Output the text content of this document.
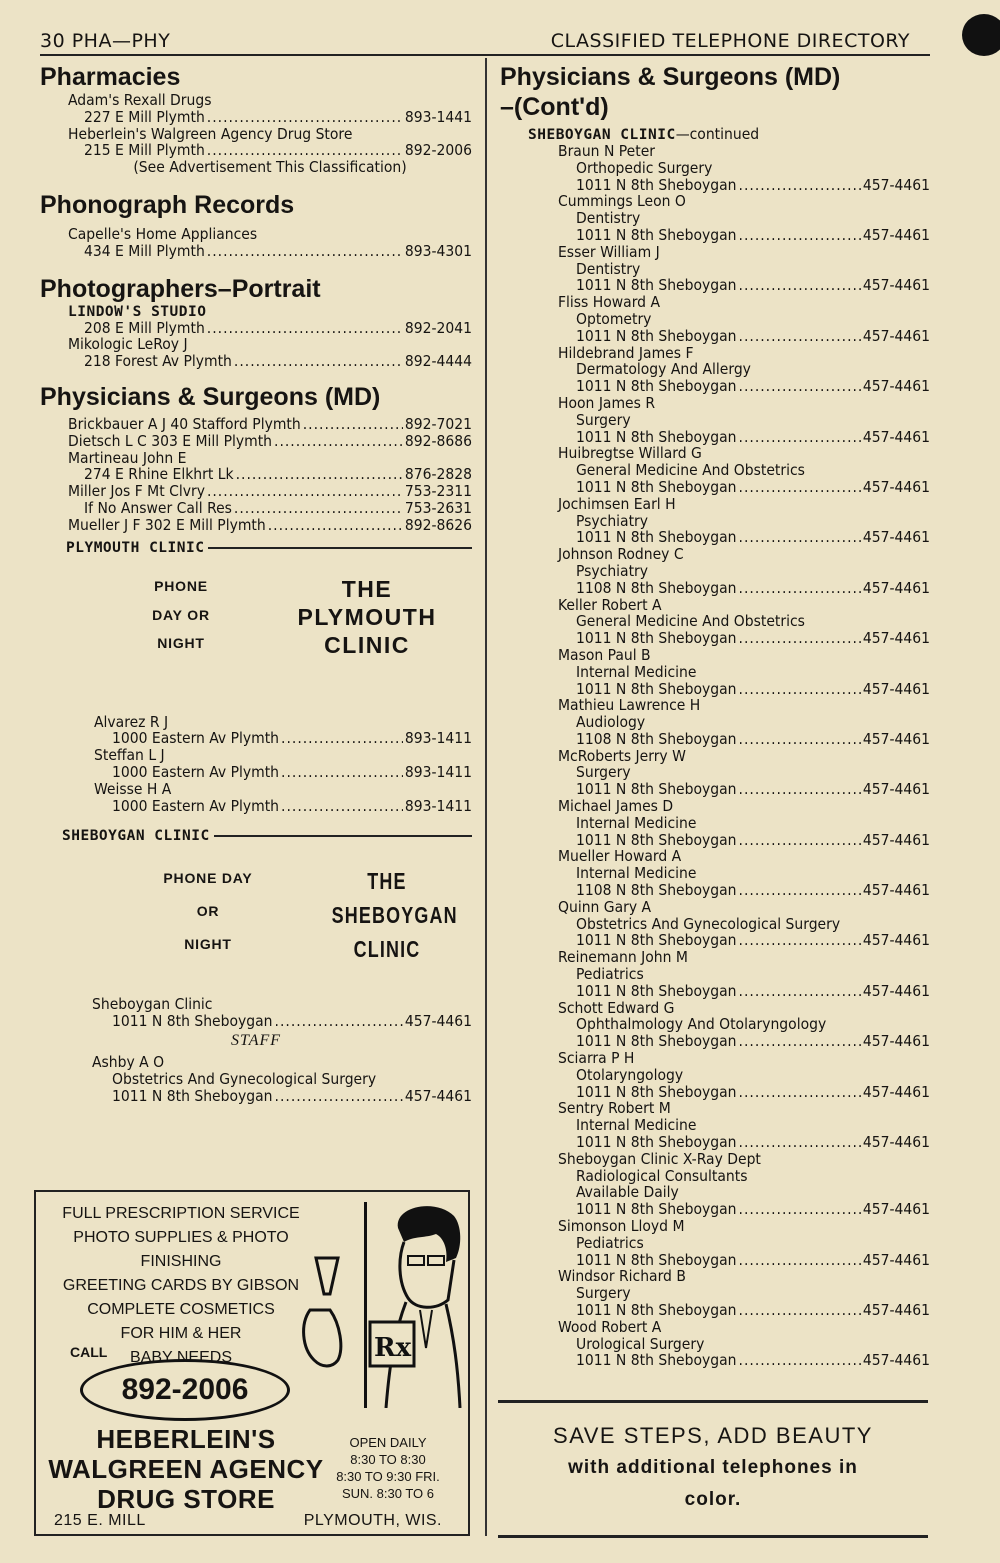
30 PHA—PHY	CLASSIFIED TELEPHONE DIRECTORY
Pharmacies
Adam's Rexall Drugs
227 E Mill Plymth .....	893-1441
Heberlein's Walgreen Agency Drug Store
215 E Mill Plymth .....	892-2006
(See Advertisement This Classification)
Phonograph Records
Capelle's Home Appliances
434 E Mill Plymth .....	893-4301
Photographers–Portrait
LINDOW'S STUDIO
208 E Mill Plymth .....	892-2041
Mikologic LeRoy J
218 Forest Av Plymth .....	892-4444
Physicians & Surgeons (MD)
Brickbauer A J 40 Stafford Plymth .....	892-7021
Dietsch L C 303 E Mill Plymth .....	892-8686
Martineau John E
274 E Rhine Elkhrt Lk .....	876-2828
Miller Jos F Mt Clvry .....	753-2311
If No Answer Call Res .....	753-2631
Mueller J F 302 E Mill Plymth .....	892-8626
PLYMOUTH CLINIC
PHONE
DAY OR
NIGHT
THE
PLYMOUTH
CLINIC
Alvarez R J
1000 Eastern Av Plymth .....	893-1411
Steffan L J
1000 Eastern Av Plymth .....	893-1411
Weisse H A
1000 Eastern Av Plymth .....	893-1411
SHEBOYGAN CLINIC
PHONE DAY
OR
NIGHT
THE
SHEBOYGAN
CLINIC
Sheboygan Clinic
1011 N 8th Sheboygan .....	457-4461
STAFF
Ashby A O
Obstetrics And Gynecological Surgery
1011 N 8th Sheboygan .....	457-4461
FULL PRESCRIPTION SERVICE
PHOTO SUPPLIES & PHOTO FINISHING
GREETING CARDS BY GIBSON
COMPLETE COSMETICS
FOR HIM & HER
BABY NEEDS
CALL
892-2006
Rx
HEBERLEIN'S
WALGREEN AGENCY
DRUG STORE
OPEN DAILY
8:30 TO 8:30
8:30 TO 9:30 FRI.
SUN. 8:30 TO 6
215 E. MILL	PLYMOUTH, WIS.
Physicians & Surgeons (MD)
–(Cont'd)
SHEBOYGAN CLINIC—continued
Braun N Peter
Orthopedic Surgery
1011 N 8th Sheboygan .....	457-4461
Cummings Leon O
Dentistry
1011 N 8th Sheboygan .....	457-4461
Esser William J
Dentistry
1011 N 8th Sheboygan .....	457-4461
Fliss Howard A
Optometry
1011 N 8th Sheboygan .....	457-4461
Hildebrand James F
Dermatology And Allergy
1011 N 8th Sheboygan .....	457-4461
Hoon James R
Surgery
1011 N 8th Sheboygan .....	457-4461
Huibregtse Willard G
General Medicine And Obstetrics
1011 N 8th Sheboygan .....	457-4461
Jochimsen Earl H
Psychiatry
1011 N 8th Sheboygan .....	457-4461
Johnson Rodney C
Psychiatry
1108 N 8th Sheboygan .....	457-4461
Keller Robert A
General Medicine And Obstetrics
1011 N 8th Sheboygan .....	457-4461
Mason Paul B
Internal Medicine
1011 N 8th Sheboygan .....	457-4461
Mathieu Lawrence H
Audiology
1108 N 8th Sheboygan .....	457-4461
McRoberts Jerry W
Surgery
1011 N 8th Sheboygan .....	457-4461
Michael James D
Internal Medicine
1011 N 8th Sheboygan .....	457-4461
Mueller Howard A
Internal Medicine
1108 N 8th Sheboygan .....	457-4461
Quinn Gary A
Obstetrics And Gynecological Surgery
1011 N 8th Sheboygan .....	457-4461
Reinemann John M
Pediatrics
1011 N 8th Sheboygan .....	457-4461
Schott Edward G
Ophthalmology And Otolaryngology
1011 N 8th Sheboygan .....	457-4461
Sciarra P H
Otolaryngology
1011 N 8th Sheboygan .....	457-4461
Sentry Robert M
Internal Medicine
1011 N 8th Sheboygan .....	457-4461
Sheboygan Clinic X-Ray Dept
Radiological Consultants
Available Daily
1011 N 8th Sheboygan .....	457-4461
Simonson Lloyd M
Pediatrics
1011 N 8th Sheboygan .....	457-4461
Windsor Richard B
Surgery
1011 N 8th Sheboygan .....	457-4461
Wood Robert A
Urological Surgery
1011 N 8th Sheboygan .....	457-4461
SAVE STEPS, ADD BEAUTY
with additional telephones in
color.
